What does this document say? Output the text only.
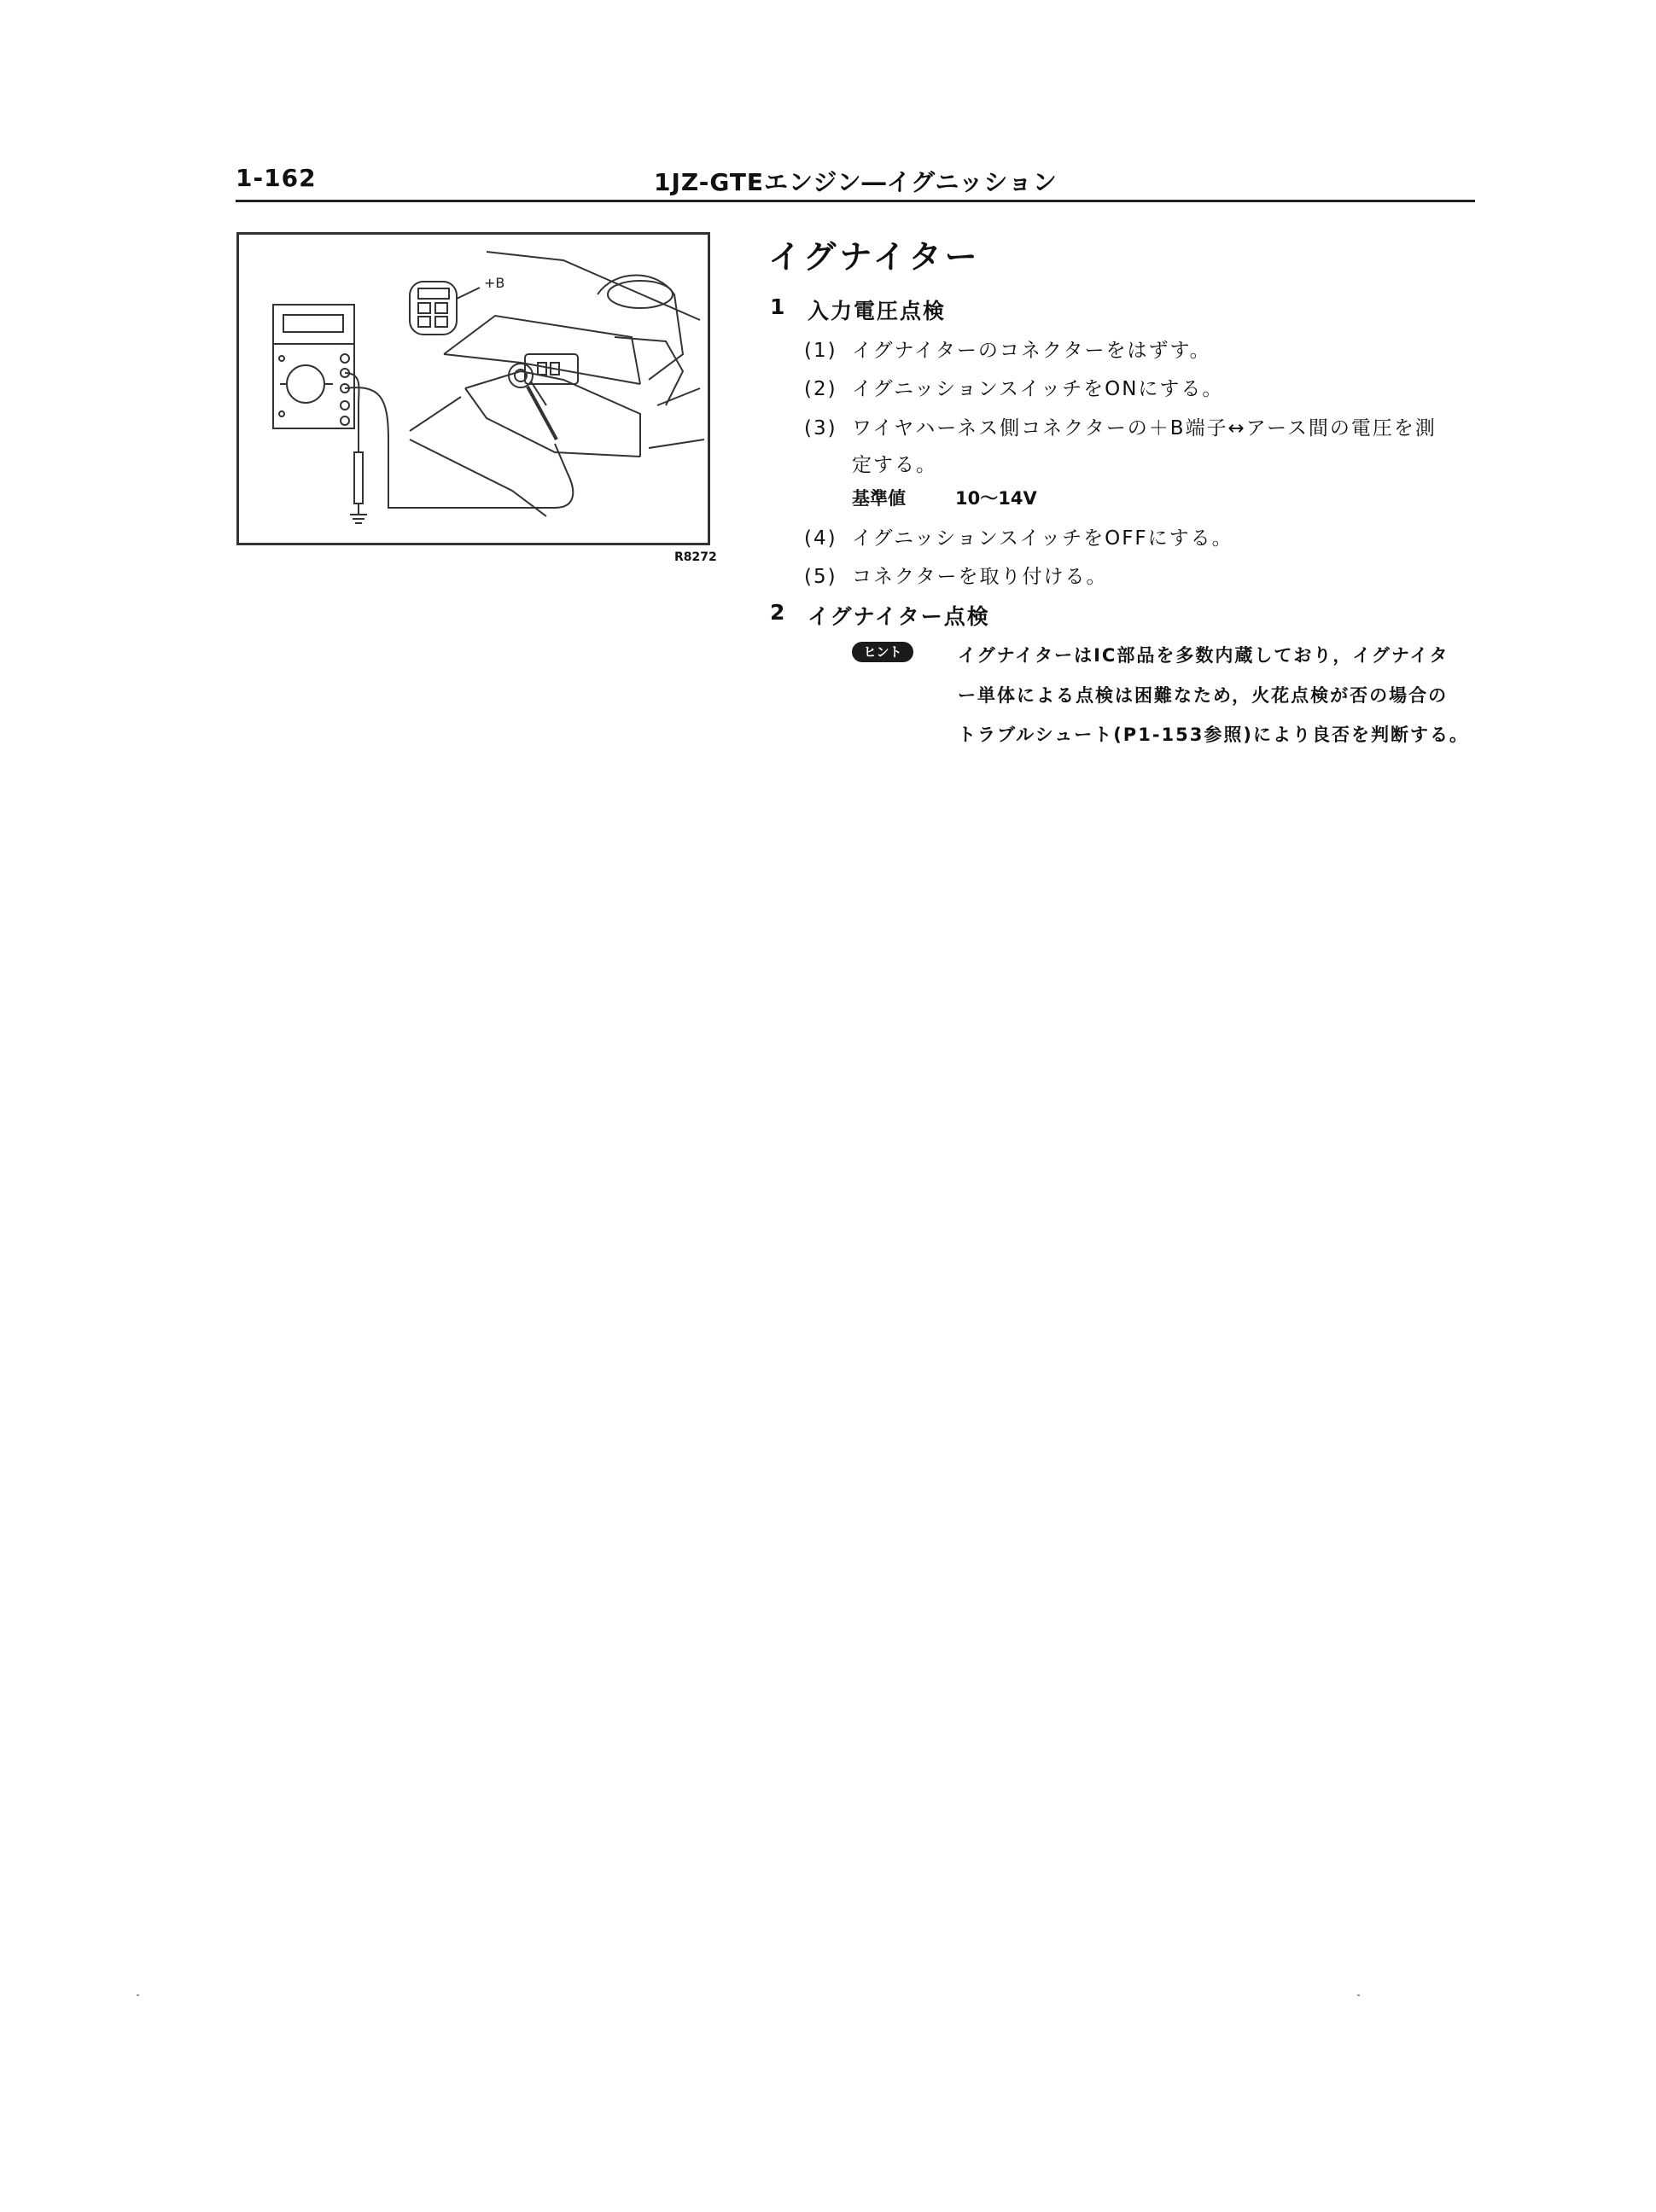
1-162	1JZ-GTEエンジン―イグニッション
+B
R8272
イグナイター
1 入力電圧点検
(1) イグナイターのコネクターをはずす。
(2) イグニッションスイッチをONにする。
(3) ワイヤハーネス側コネクターの＋B端子↔アース間の電圧を測
定する。
基準値	10～14V
(4) イグニッションスイッチをOFFにする。
(5) コネクターを取り付ける。
2 イグナイター点検
ヒント	イグナイターはIC部品を多数内蔵しており，イグナイタ
ー単体による点検は困難なため，火花点検が否の場合の
トラブルシュート(P1-153参照)により良否を判断する。
